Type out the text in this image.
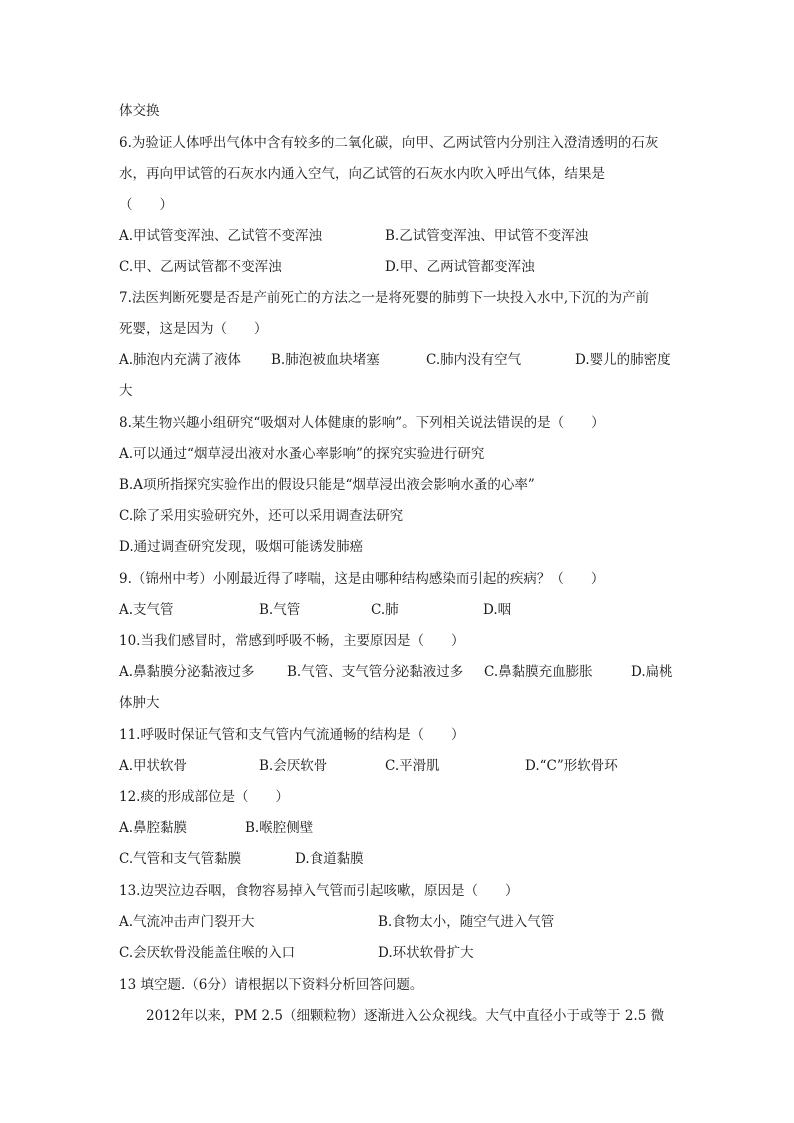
体交换
6.为验证人体呼出气体中含有较多的二氧化碳，向甲、乙两试管内分别注入澄清透明的石灰
水，再向甲试管的石灰水内通入空气，向乙试管的石灰水内吹入呼出气体，结果是
（　　）
A.甲试管变浑浊、乙试管不变浑浊	B.乙试管变浑浊、甲试管不变浑浊
C.甲、乙两试管都不变浑浊	D.甲、乙两试管都变浑浊
7.法医判断死婴是否是产前死亡的方法之一是将死婴的肺剪下一块投入水中,下沉的为产前
死婴，这是因为（　　）
A.肺泡内充满了液体 B.肺泡被血块堵塞	C.肺内没有空气	D.婴儿的肺密度
大
8.某生物兴趣小组研究“吸烟对人体健康的影响”。下列相关说法错误的是（　　）
A.可以通过“烟草浸出液对水蚤心率影响”的探究实验进行研究
B.A项所指探究实验作出的假设只能是“烟草浸出液会影响水蚤的心率”
C.除了采用实验研究外，还可以采用调查法研究
D.通过调查研究发现，吸烟可能诱发肺癌
9.（锦州中考）小刚最近得了哮喘，这是由哪种结构感染而引起的疾病？（　　）
A.支气管	B.气管	C.肺	D.咽
10.当我们感冒时，常感到呼吸不畅，主要原因是（　　）
A.鼻黏膜分泌黏液过多 B.气管、支气管分泌黏液过多 C.鼻黏膜充血膨胀	D.扁桃
体肿大
11.呼吸时保证气管和支气管内气流通畅的结构是（　　）
A.甲状软骨	B.会厌软骨	C.平滑肌	D.“C”形软骨环
12.痰的形成部位是（　　）
A.鼻腔黏膜	B.喉腔侧壁
C.气管和支气管黏膜	D.食道黏膜
13.边哭泣边吞咽，食物容易掉入气管而引起咳嗽，原因是（　　）
A.气流冲击声门裂开大	B.食物太小，随空气进入气管
C.会厌软骨没能盖住喉的入口	D.环状软骨扩大
13 填空题.（6分）请根据以下资料分析回答问题。
　　2012年以来，PM 2.5（细颗粒物）逐渐进入公众视线。大气中直径小于或等于 2.5 微
